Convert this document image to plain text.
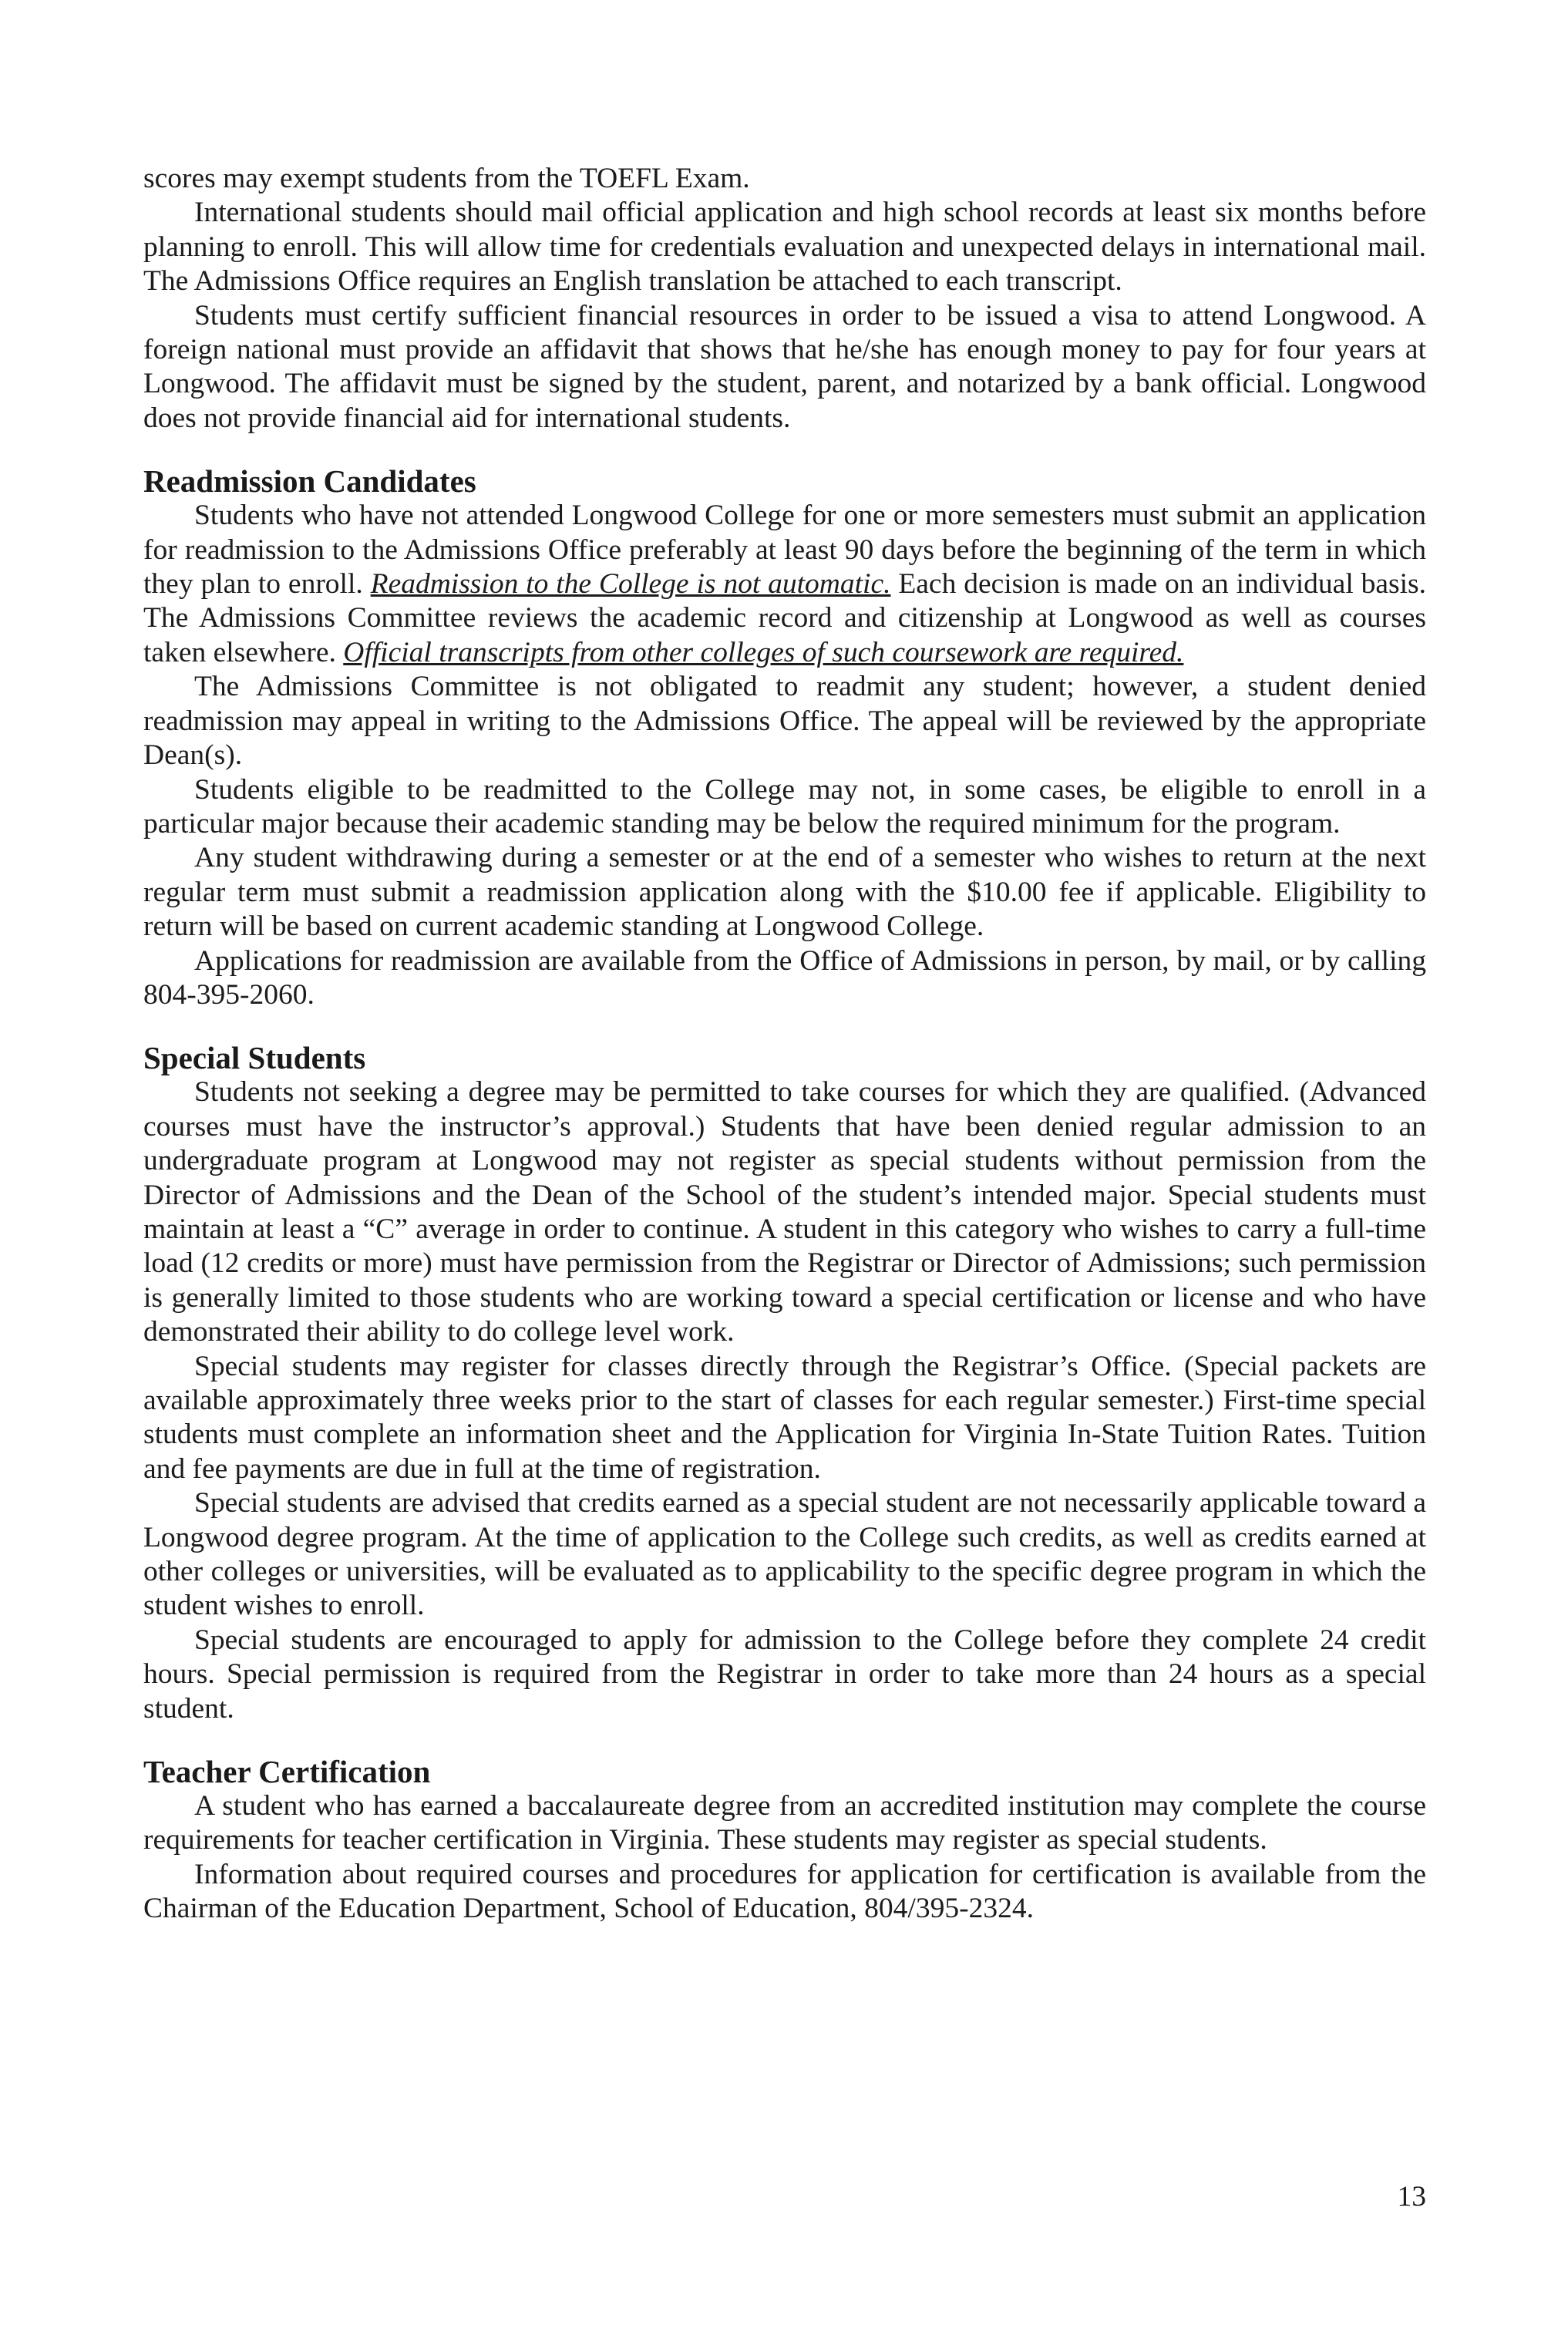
scores may exempt students from the TOEFL Exam.

International students should mail official application and high school records at least six months before planning to enroll. This will allow time for credentials evaluation and unexpected delays in international mail. The Admissions Office requires an English translation be attached to each transcript.

Students must certify sufficient financial resources in order to be issued a visa to attend Longwood. A foreign national must provide an affidavit that shows that he/she has enough money to pay for four years at Longwood. The affidavit must be signed by the student, parent, and notarized by a bank official. Longwood does not provide financial aid for international students.

Readmission Candidates

Students who have not attended Longwood College for one or more semesters must submit an application for readmission to the Admissions Office preferably at least 90 days before the beginning of the term in which they plan to enroll. Readmission to the College is not automatic. Each decision is made on an individual basis. The Admissions Committee reviews the academic record and citizenship at Longwood as well as courses taken elsewhere. Official transcripts from other colleges of such coursework are required.

The Admissions Committee is not obligated to readmit any student; however, a student denied readmission may appeal in writing to the Admissions Office. The appeal will be reviewed by the appropriate Dean(s).

Students eligible to be readmitted to the College may not, in some cases, be eligible to enroll in a particular major because their academic standing may be below the required minimum for the program.

Any student withdrawing during a semester or at the end of a semester who wishes to return at the next regular term must submit a readmission application along with the $10.00 fee if applicable. Eligibility to return will be based on current academic standing at Longwood College.

Applications for readmission are available from the Office of Admissions in person, by mail, or by calling 804-395-2060.

Special Students

Students not seeking a degree may be permitted to take courses for which they are qualified. (Advanced courses must have the instructor’s approval.) Students that have been denied regular admission to an undergraduate program at Longwood may not register as special students without permission from the Director of Admissions and the Dean of the School of the student’s intended major. Special students must maintain at least a “C” average in order to continue. A student in this category who wishes to carry a full-time load (12 credits or more) must have permission from the Registrar or Director of Admissions; such permission is generally limited to those students who are working toward a special certification or license and who have demonstrated their ability to do college level work.

Special students may register for classes directly through the Registrar’s Office. (Special packets are available approximately three weeks prior to the start of classes for each regular semester.) First-time special students must complete an information sheet and the Application for Virginia In-State Tuition Rates. Tuition and fee payments are due in full at the time of registration.

Special students are advised that credits earned as a special student are not necessarily applicable toward a Longwood degree program. At the time of application to the College such credits, as well as credits earned at other colleges or universities, will be evaluated as to applicability to the specific degree program in which the student wishes to enroll.

Special students are encouraged to apply for admission to the College before they complete 24 credit hours. Special permission is required from the Registrar in order to take more than 24 hours as a special student.

Teacher Certification

A student who has earned a baccalaureate degree from an accredited institution may complete the course requirements for teacher certification in Virginia. These students may register as special students.

Information about required courses and procedures for application for certification is available from the Chairman of the Education Department, School of Education, 804/395-2324.

13
